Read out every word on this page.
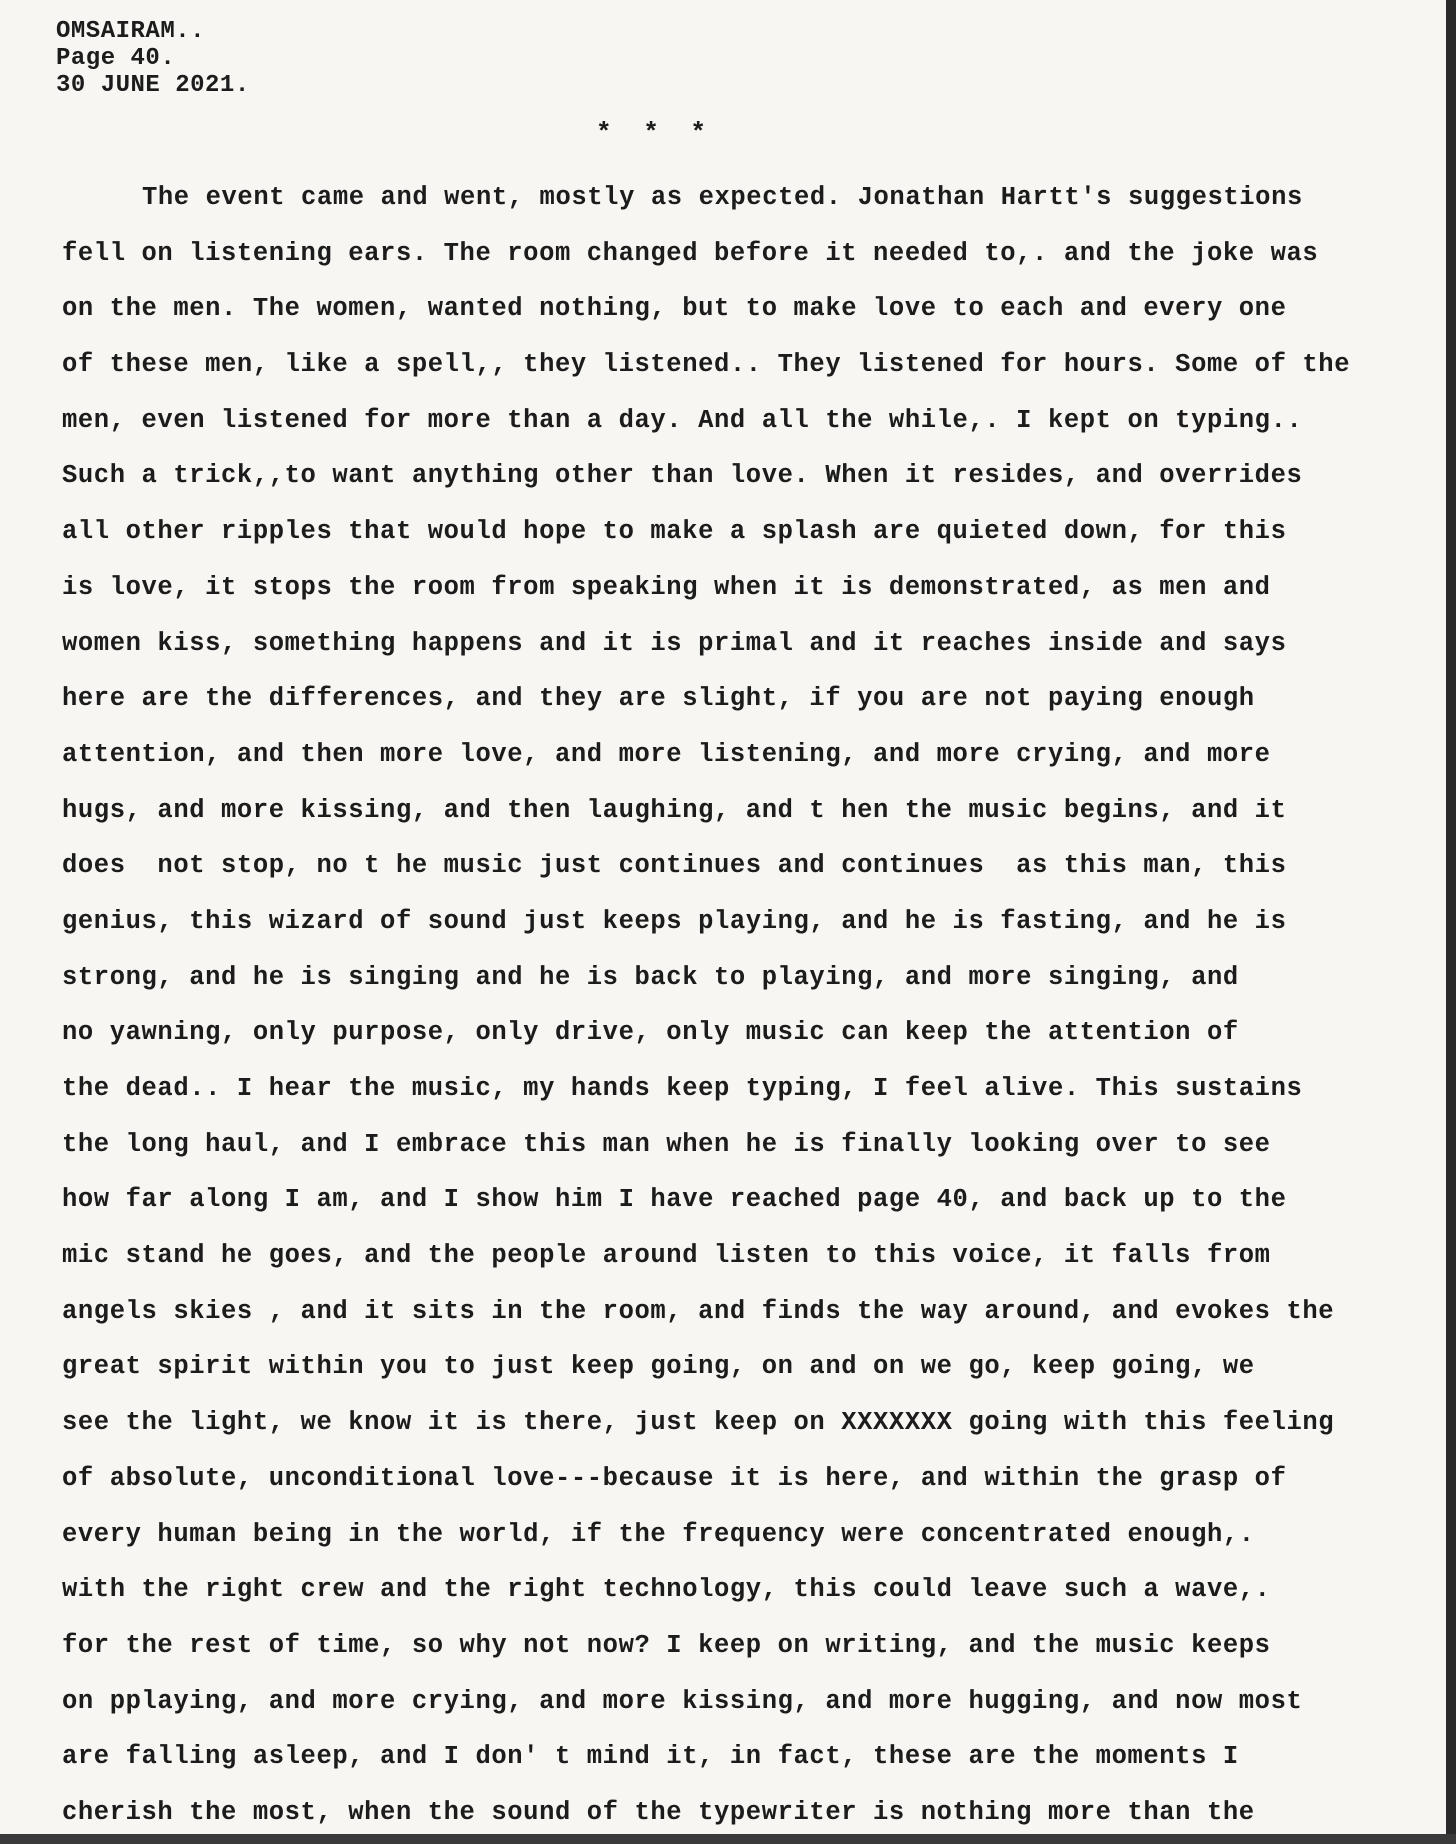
OMSAIRAM..
Page 40.
30 JUNE 2021.
* * *
The event came and went, mostly as expected. Jonathan Hartt's suggestions
fell on listening ears. The room changed before it needed to,. and the joke was
on the men. The women, wanted nothing, but to make love to each and every one
of these men, like a spell,, they listened.. They listened for hours. Some of the
men, even listened for more than a day. And all the while,. I kept on typing..
Such a trick,,to want anything other than love. When it resides, and overrides
all other ripples that would hope to make a splash are quieted down, for this
is love, it stops the room from speaking when it is demonstrated, as men and
women kiss, something happens and it is primal and it reaches inside and says
here are the differences, and they are slight, if you are not paying enough
attention, and then more love, and more listening, and more crying, and more
hugs, and more kissing, and then laughing, and t hen the music begins, and it
does  not stop, no t he music just continues and continues  as this man, this
genius, this wizard of sound just keeps playing, and he is fasting, and he is
strong, and he is singing and he is back to playing, and more singing, and
no yawning, only purpose, only drive, only music can keep the attention of
the dead.. I hear the music, my hands keep typing, I feel alive. This sustains
the long haul, and I embrace this man when he is finally looking over to see
how far along I am, and I show him I have reached page 40, and back up to the
mic stand he goes, and the people around listen to this voice, it falls from
angels skies , and it sits in the room, and finds the way around, and evokes the
great spirit within you to just keep going, on and on we go, keep going, we
see the light, we know it is there, just keep on XXXXXXX going with this feeling
of absolute, unconditional love---because it is here, and within the grasp of
every human being in the world, if the frequency were concentrated enough,.
with the right crew and the right technology, this could leave such a wave,.
for the rest of time, so why not now? I keep on writing, and the music keeps
on pplaying, and more crying, and more kissing, and more hugging, and now most
are falling asleep, and I don' t mind it, in fact, these are the moments I
cherish the most, when the sound of the typewriter is nothing more than the
